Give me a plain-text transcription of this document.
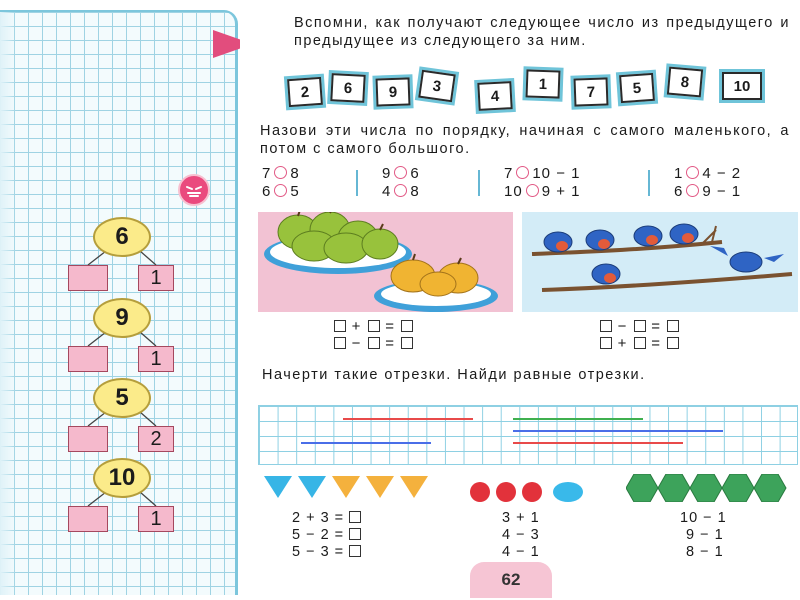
6
1
9
1
5
2
10
1
Вспомни, как получают следующее число из предыдущего и предыдущее из следующего за ним.
2	6	9	3
4
1	7	5	8	10
Назови эти числа по порядку, начиная с самого маленького, а потом с самого большого.
7 8
6 5
9 6
4 8
7 10 − 1
10 9 + 1
1 4 − 2
6 9 − 1
+ =
− =
− =
+ =
Начерти такие отрезки. Найди равные отрезки.
2 + 3 =
5 − 2 =
5 − 3 =
3 + 1
4 − 3
4 − 1
10 − 1
9 − 1
8 − 1
62
